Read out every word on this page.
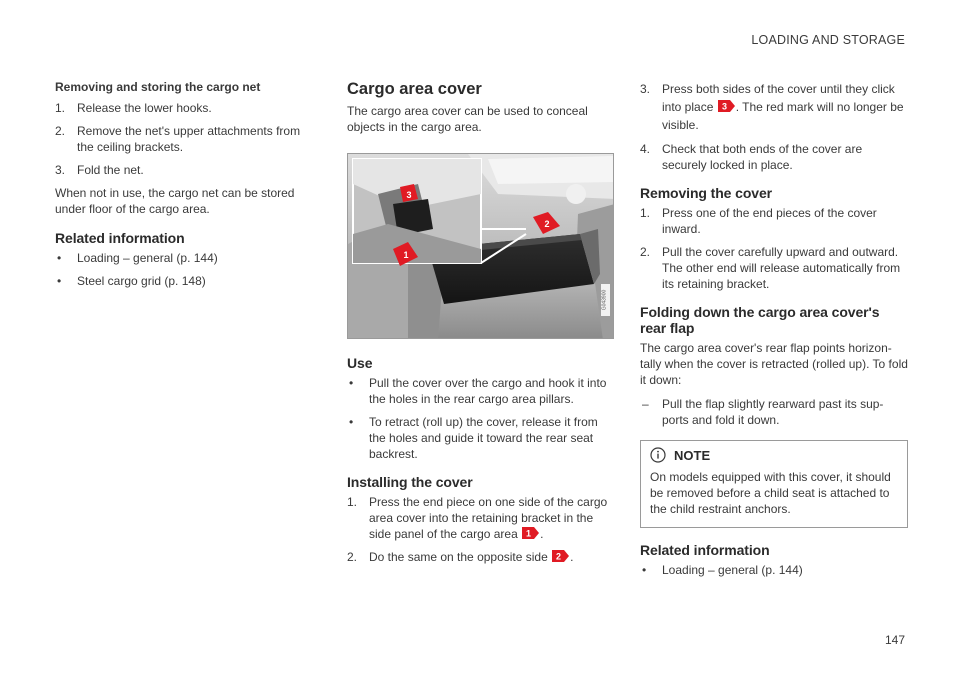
LOADING AND STORAGE
Removing and storing the cargo net
1. Release the lower hooks.
2. Remove the net's upper attachments from the ceiling brackets.
3. Fold the net.

When not in use, the cargo net can be stored under floor of the cargo area.

Related information
• Loading – general (p. 144)
• Steel cargo grid (p. 148)
Cargo area cover

The cargo area cover can be used to conceal objects in the cargo area.

G043900
1
2
3
Use
• Pull the cover over the cargo and hook it into the holes in the rear cargo area pillars.
• To retract (roll up) the cover, release it from the holes and guide it toward the rear seat backrest.
Installing the cover
1. Press the end piece on one side of the cargo area cover into the retaining bracket in the side panel of the cargo area 1 .
2. Do the same on the opposite side 2 .
3. Press both sides of the cover until they click into place 3 . The red mark will no longer be visible.
4. Check that both ends of the cover are securely locked in place.
Removing the cover
1. Press one of the end pieces of the cover inward.
2. Pull the cover carefully upward and outward. The other end will release automatically from its retaining bracket.
Folding down the cargo area cover's rear flap

The cargo area cover's rear flap points horizon- tally when the cover is retracted (rolled up). To fold it down:

– Pull the flap slightly rearward past its sup- ports and fold it down.
NOTE

On models equipped with this cover, it should be removed before a child seat is attached to the child restraint anchors.

Related information
• Loading – general (p. 144)
147
